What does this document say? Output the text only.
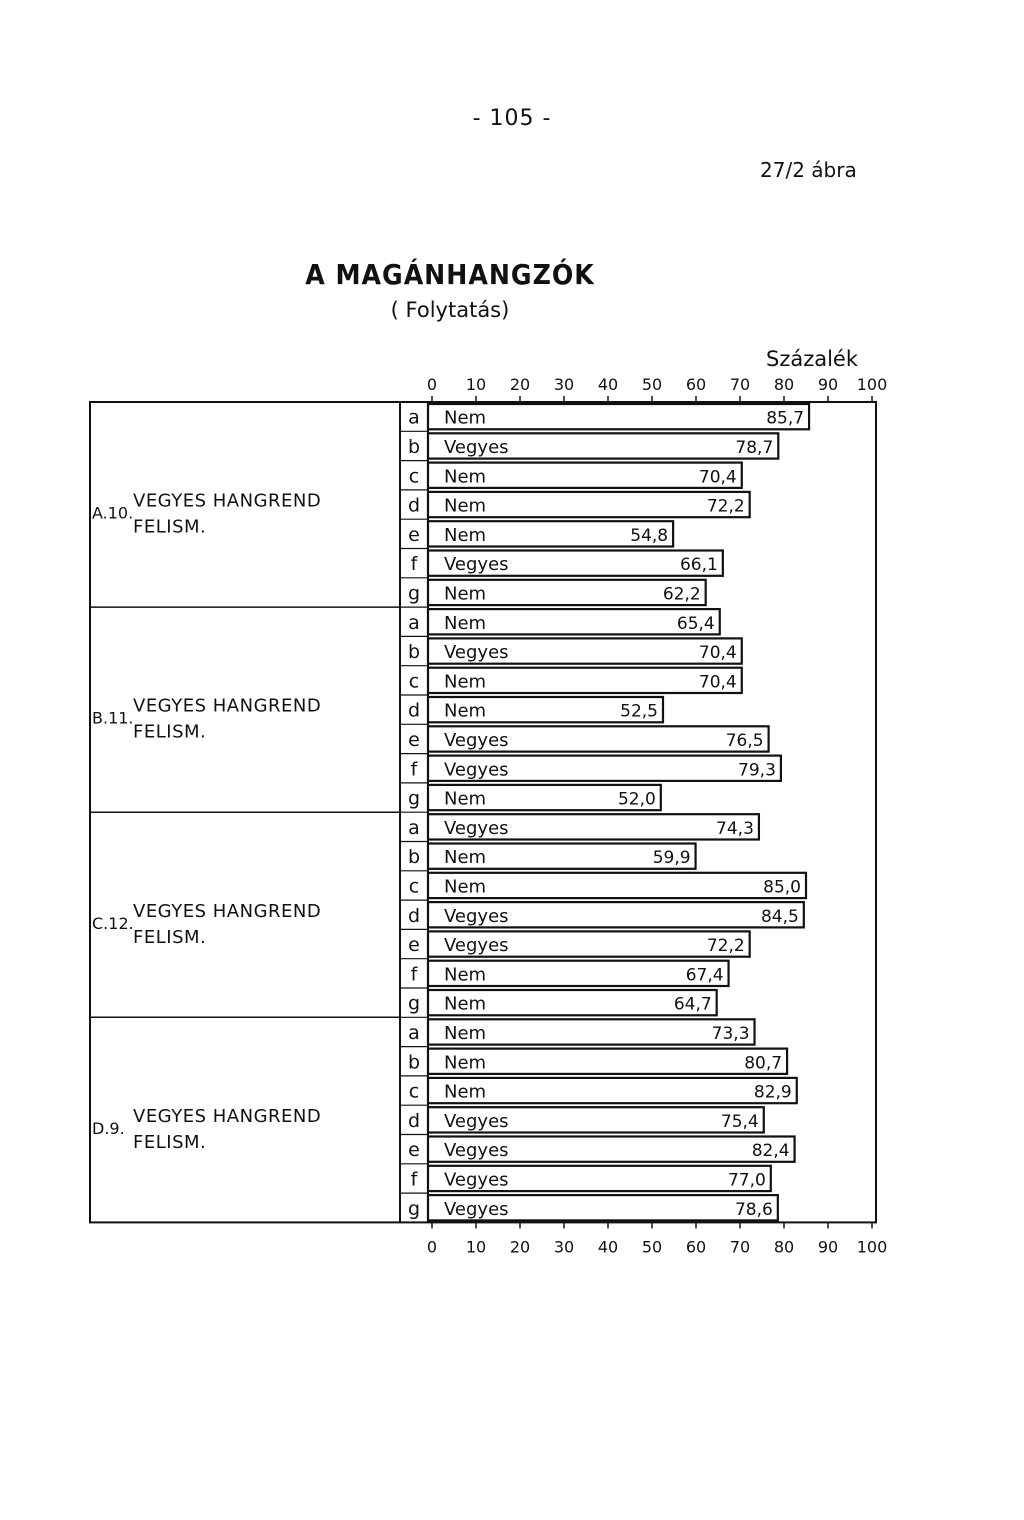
- 105 -
27/2 ábra
A MAGÁNHANGZÓK
( Folytatás)
Százalék
0
0
10
10
20
20
30
30
40
40
50
50
60
60
70
70
80
80
90
90
100
100
A.10.
VEGYES HANGREND
FELISM.
a Nem	85,7
b Vegyes	78,7
c Nem	70,4
d Nem	72,2
e Nem	54,8
f Vegyes	66,1
g Nem	62,2
B.11.
VEGYES HANGREND
FELISM.
a Nem	65,4
b Vegyes	70,4
c Nem	70,4
d Nem	52,5
e Vegyes	76,5
f Vegyes	79,3
g Nem	52,0
C.12.
VEGYES HANGREND
FELISM.
a Vegyes	74,3
b Nem	59,9
c Nem	85,0
d Vegyes	84,5
e Vegyes	72,2
f Nem	67,4
g Nem	64,7
D.9.
VEGYES HANGREND
FELISM.
a Nem	73,3
b Nem	80,7
c Nem	82,9
d Vegyes	75,4
e Vegyes	82,4
f Vegyes	77,0
g Vegyes	78,6
